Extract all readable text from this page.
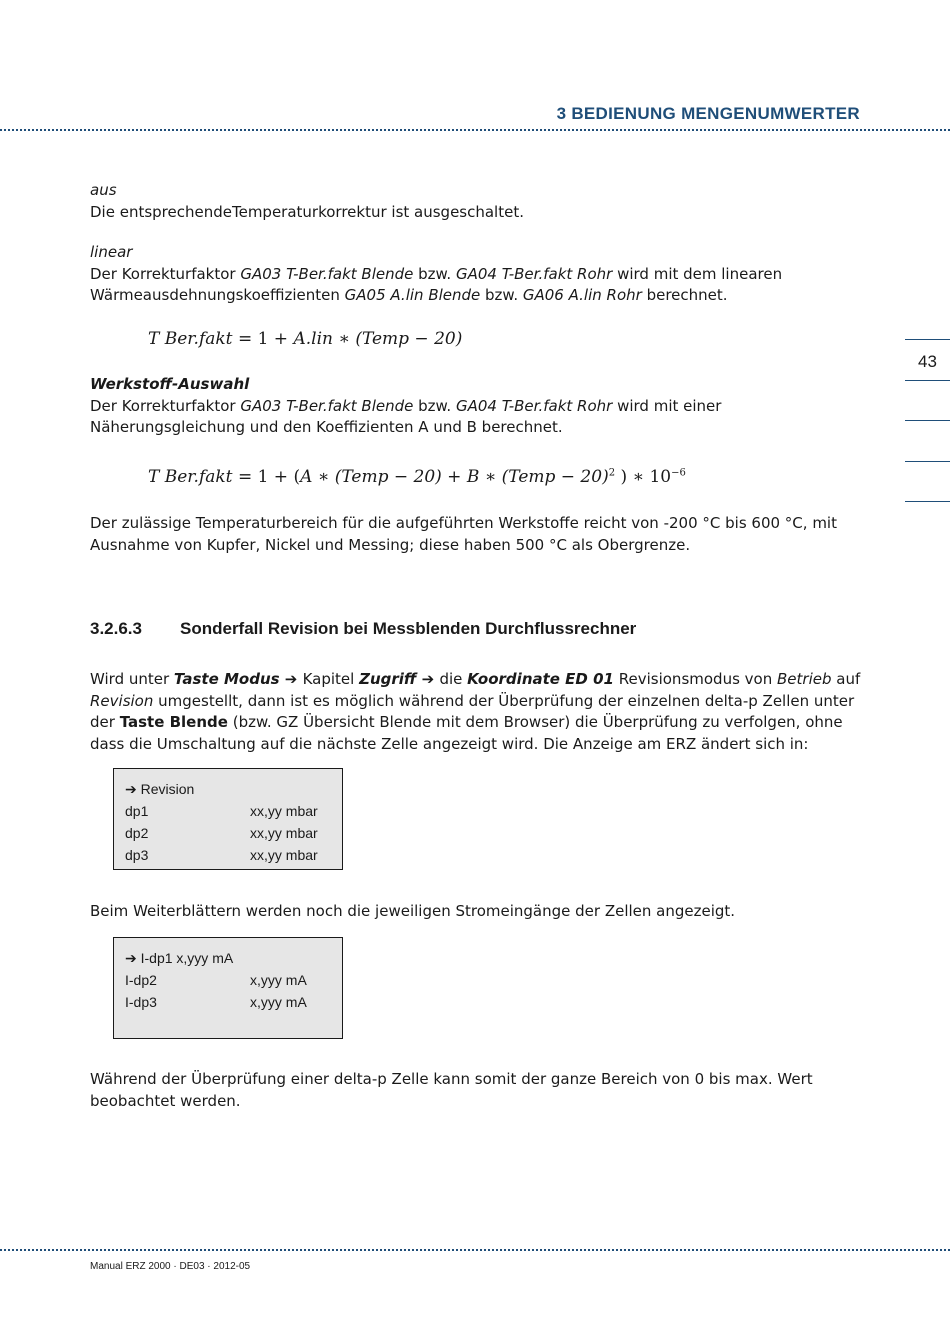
3 BEDIENUNG MENGENUMWERTER
43
aus
Die entsprechendeTemperaturkorrektur ist ausgeschaltet.
linear
Der Korrekturfaktor GA03 T-Ber.fakt Blende bzw. GA04 T-Ber.fakt Rohr wird mit dem linearen Wärmeausdehnungskoeffizienten GA05 A.lin Blende bzw. GA06 A.lin Rohr berechnet.
T Ber.fakt = 1 + A.lin ∗ (Temp − 20)
Werkstoff-Auswahl
Der Korrekturfaktor GA03 T-Ber.fakt Blende bzw. GA04 T-Ber.fakt Rohr wird mit einer Näherungsgleichung und den Koeffizienten A und B berechnet.
T Ber.fakt = 1 + (A ∗ (Temp − 20) + B ∗ (Temp − 20)$^2$ ) ∗ $10^{-6}$
Der zulässige Temperaturbereich für die aufgeführten Werkstoffe reicht von -200 °C bis 600 °C, mit Ausnahme von Kupfer, Nickel und Messing; diese haben 500 °C als Obergrenze.
3.2.6.3 Sonderfall Revision bei Messblenden Durchflussrechner
Wird unter Taste Modus ➔ Kapitel Zugriff ➔ die Koordinate ED 01 Revisionsmodus von Betrieb auf Revision umgestellt, dann ist es möglich während der Überprüfung der einzelnen delta-p Zellen unter der Taste Blende (bzw. GZ Übersicht Blende mit dem Browser) die Überprüfung zu verfolgen, ohne dass die Umschaltung auf die nächste Zelle angezeigt wird. Die Anzeige am ERZ ändert sich in:
➔ Revision
dp1	xx,yy mbar
dp2	xx,yy mbar
dp3	xx,yy mbar
Beim Weiterblättern werden noch die jeweiligen Stromeingänge der Zellen angezeigt.
➔ I-dp1 x,yyy mA
I-dp2	x,yyy mA
I-dp3	x,yyy mA
Während der Überprüfung einer delta-p Zelle kann somit der ganze Bereich von 0 bis max. Wert beobachtet werden.
Manual ERZ 2000 · DE03 · 2012-05
